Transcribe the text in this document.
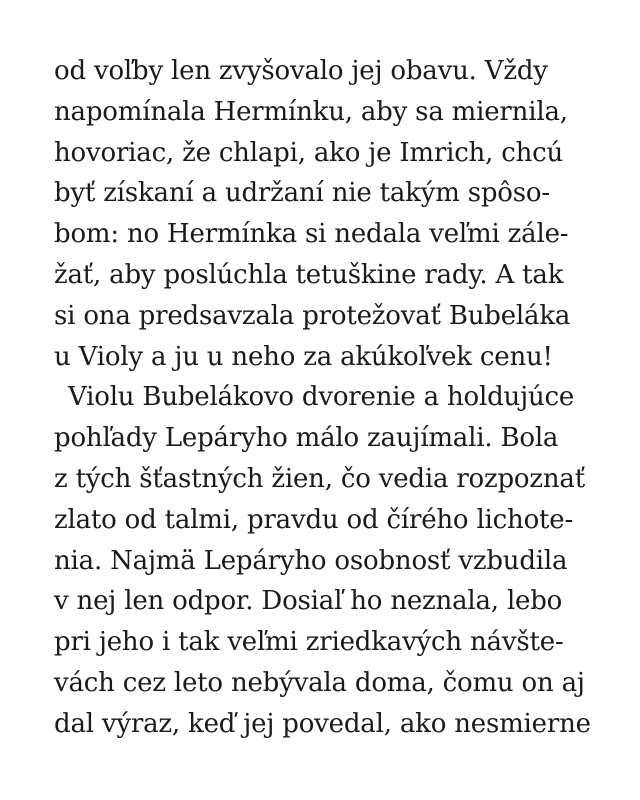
od voľby len zvyšovalo jej obavu. Vždy
napomínala Hermínku, aby sa miernila,
hovoriac, že chlapi, ako je Imrich, chcú
byť získaní a udržaní nie takým spôso-
bom: no Hermínka si nedala veľmi zále-
žať, aby poslúchla tetuškine rady. A tak
si ona predsavzala protežovať Bubeláka
u Violy a ju u neho za akúkoľvek cenu!
Violu Bubelákovo dvorenie a holdujúce
pohľady Lepáryho málo zaujímali. Bola
z tých šťastných žien, čo vedia rozpoznať
zlato od talmi, pravdu od čírého lichote-
nia. Najmä Lepáryho osobnosť vzbudila
v nej len odpor. Dosiaľ ho neznala, lebo
pri jeho i tak veľmi zriedkavých návšte-
vách cez leto nebývala doma, čomu on aj
dal výraz, keď jej povedal, ako nesmierne
